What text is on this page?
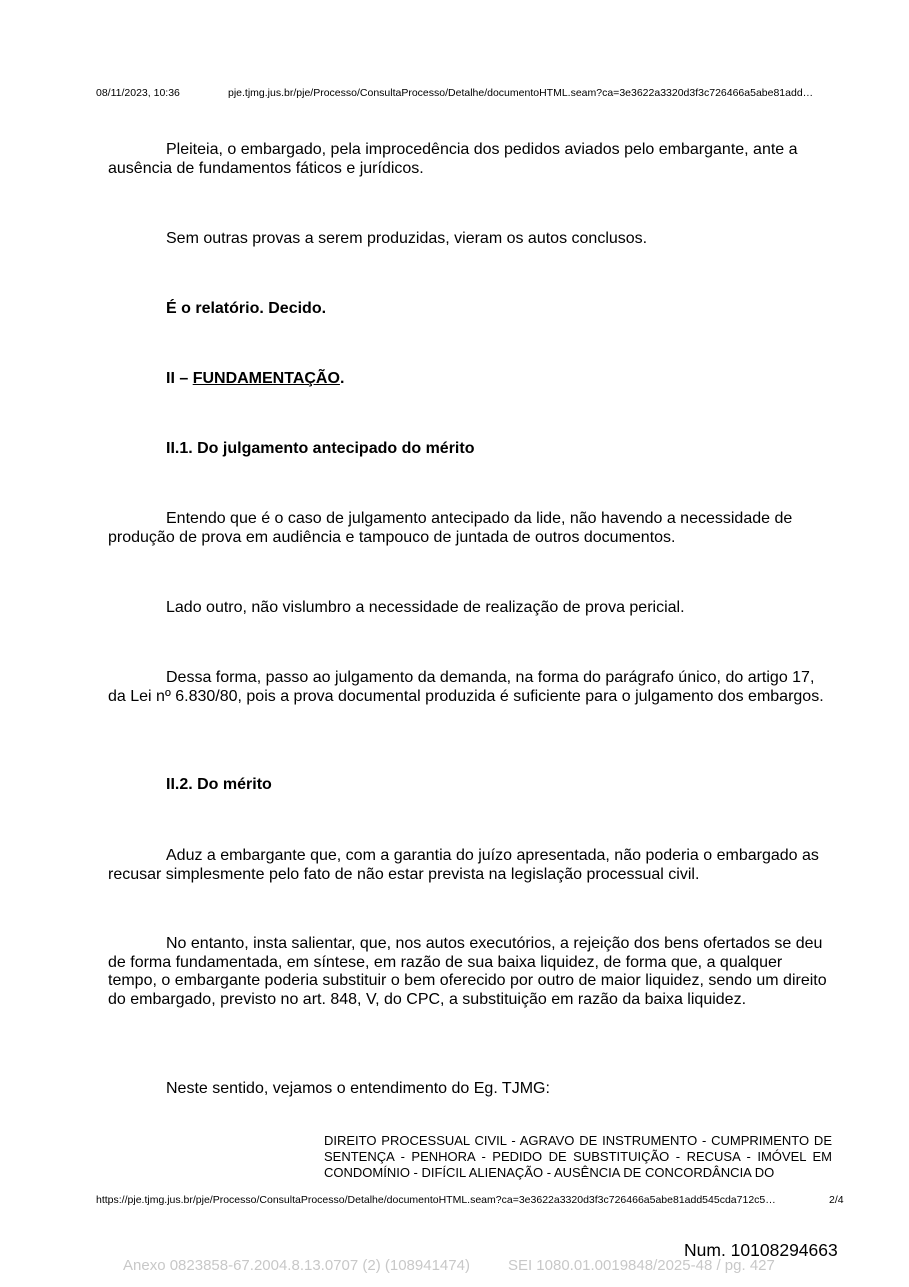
08/11/2023, 10:36	pje.tjmg.jus.br/pje/Processo/ConsultaProcesso/Detalhe/documentoHTML.seam?ca=3e3622a3320d3f3c726466a5abe81add…
Pleiteia, o embargado, pela improcedência dos pedidos aviados pelo embargante, ante a ausência de fundamentos fáticos e jurídicos.
Sem outras provas a serem produzidas, vieram os autos conclusos.
É o relatório. Decido.
II – FUNDAMENTAÇÃO.
II.1. Do julgamento antecipado do mérito
Entendo que é o caso de julgamento antecipado da lide, não havendo a necessidade de produção de prova em audiência e tampouco de juntada de outros documentos.
Lado outro, não vislumbro a necessidade de realização de prova pericial.
Dessa forma, passo ao julgamento da demanda, na forma do parágrafo único, do artigo 17, da Lei nº 6.830/80, pois a prova documental produzida é suficiente para o julgamento dos embargos.
II.2. Do mérito
Aduz a embargante que, com a garantia do juízo apresentada, não poderia o embargado as recusar simplesmente pelo fato de não estar prevista na legislação processual civil.
No entanto, insta salientar, que, nos autos executórios, a rejeição dos bens ofertados se deu de forma fundamentada, em síntese, em razão de sua baixa liquidez, de forma que, a qualquer tempo, o embargante poderia substituir o bem oferecido por outro de maior liquidez, sendo um direito do embargado, previsto no art. 848, V, do CPC, a substituição em razão da baixa liquidez.
Neste sentido, vejamos o entendimento do Eg. TJMG:
DIREITO PROCESSUAL CIVIL - AGRAVO DE INSTRUMENTO - CUMPRIMENTO DE SENTENÇA - PENHORA - PEDIDO DE SUBSTITUIÇÃO - RECUSA - IMÓVEL EM CONDOMÍNIO - DIFÍCIL ALIENAÇÃO - AUSÊNCIA DE CONCORDÂNCIA DO
https://pje.tjmg.jus.br/pje/Processo/ConsultaProcesso/Detalhe/documentoHTML.seam?ca=3e3622a3320d3f3c726466a5abe81add545cda712c5…	2/4
Num. 10108294663
Anexo 0823858-67.2004.8.13.0707 (2) (108941474)	SEI 1080.01.0019848/2025-48 / pg. 427
